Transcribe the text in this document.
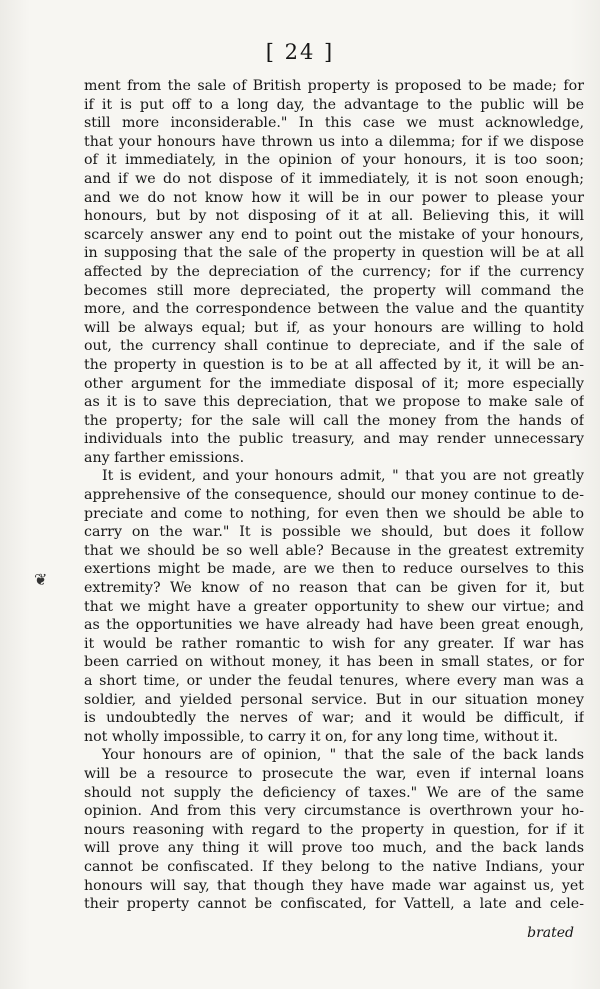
[ 24 ]
❦
ment from the sale of British property is proposed to be made; for
if it is put off to a long day, the advantage to the public will be
still more inconsiderable." In this case we must acknowledge,
that your honours have thrown us into a dilemma; for if we dispose
of it immediately, in the opinion of your honours, it is too soon;
and if we do not dispose of it immediately, it is not soon enough;
and we do not know how it will be in our power to please your
honours, but by not disposing of it at all. Believing this, it will
scarcely answer any end to point out the mistake of your honours,
in supposing that the sale of the property in question will be at all
affected by the depreciation of the currency; for if the currency
becomes still more depreciated, the property will command the
more, and the correspondence between the value and the quantity
will be always equal; but if, as your honours are willing to hold
out, the currency shall continue to depreciate, and if the sale of
the property in question is to be at all affected by it, it will be an-
other argument for the immediate disposal of it; more especially
as it is to save this depreciation, that we propose to make sale of
the property; for the sale will call the money from the hands of
individuals into the public treasury, and may render unnecessary
any farther emissions.
It is evident, and your honours admit, " that you are not greatly
apprehensive of the consequence, should our money continue to de-
preciate and come to nothing, for even then we should be able to
carry on the war." It is possible we should, but does it follow
that we should be so well able? Because in the greatest extremity
exertions might be made, are we then to reduce ourselves to this
extremity? We know of no reason that can be given for it, but
that we might have a greater opportunity to shew our virtue; and
as the opportunities we have already had have been great enough,
it would be rather romantic to wish for any greater. If war has
been carried on without money, it has been in small states, or for
a short time, or under the feudal tenures, where every man was a
soldier, and yielded personal service. But in our situation money
is undoubtedly the nerves of war; and it would be difficult, if
not wholly impossible, to carry it on, for any long time, without it.
Your honours are of opinion, " that the sale of the back lands
will be a resource to prosecute the war, even if internal loans
should not supply the deficiency of taxes." We are of the same
opinion. And from this very circumstance is overthrown your ho-
nours reasoning with regard to the property in question, for if it
will prove any thing it will prove too much, and the back lands
cannot be confiscated. If they belong to the native Indians, your
honours will say, that though they have made war against us, yet
their property cannot be confiscated, for Vattell, a late and cele-
brated
